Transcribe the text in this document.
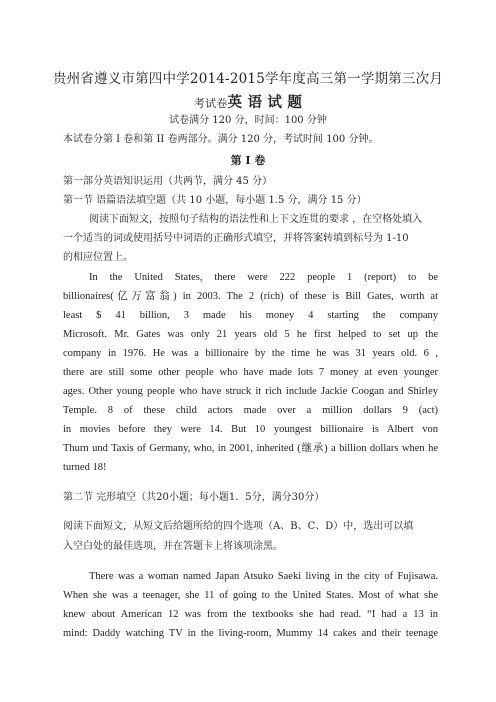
贵州省遵义市第四中学2014-2015学年度高三第一学期第三次月
考试卷英 语 试 题
试卷满分 120 分，时间：100 分钟
本试卷分第 I 卷和第 II 卷两部分。满分 120 分，考试时间 100 分钟。
第 I 卷
第一部分英语知识运用（共两节，满分 45 分）
第一节 语篇语法填空题（共 10 小题，每小题 1.5 分，满分 15 分）
阅读下面短文，按照句子结构的语法性和上下文连贯的要求 ，在空格处填入
一个适当的词或使用括号中词语的正确形式填空，并将答案转填到标号为 1-10
的相应位置上。
In the United States, there were 222 people 1 (report) to be
billionaires(亿万富翁) in 2003. The 2 (rich) of these is Bill Gates, worth at
least $ 41 billion, 3 made his money 4 starting the company
Microsoft. Mr. Gates was only 21 years old 5 he first helped to set up the
company in 1976. He was a billionaire by the time he was 31 years old. 6 ,
there are still some other people who have made lots 7 money at even younger
ages. Other young people who have struck it rich include Jackie Coogan and Shirley
Temple. 8 of these child actors made over a million dollars 9 (act)
in movies before they were 14. But 10 youngest billionaire is Albert von
Thurn und Taxis of Germany, who, in 2001, inherited (继承) a billion dollars when he
turned 18!
第二节 完形填空（共20小题；每小题1．5分，满分30分）
阅读下面短文，从短文后给题所给的四个选项（A、B、C、D）中，选出可以填
入空白处的最佳选项，并在答题卡上将该项涂黑。
There was a woman named Japan Atsuko Saeki living in the city of Fujisawa.
When she was a teenager, she 11 of going to the United States. Most of what she
knew about American 12 was from the textbooks she had read. “I had a 13 in
mind: Daddy watching TV in the living-room, Mummy 14 cakes and their teenage
